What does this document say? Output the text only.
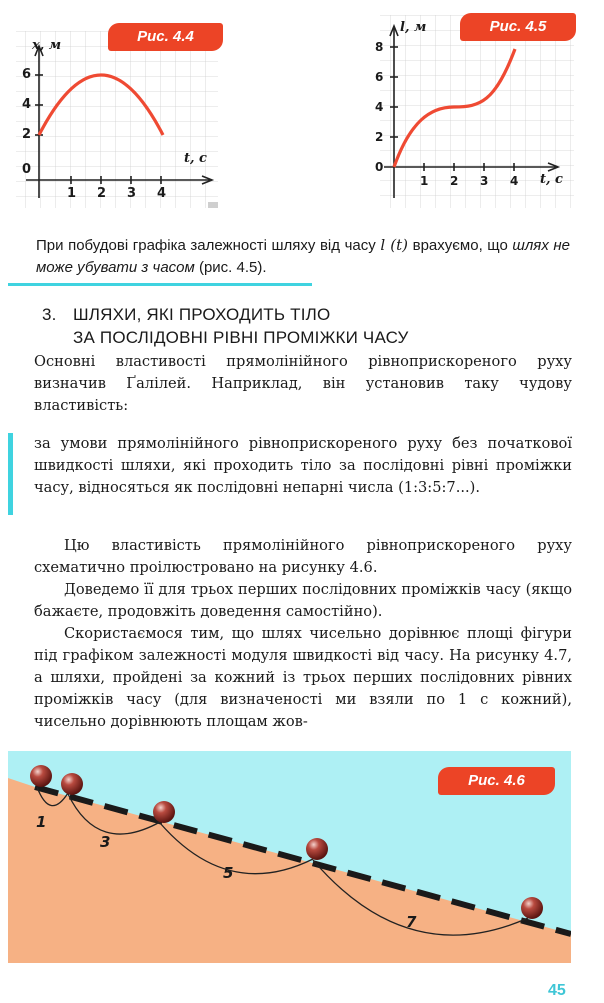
x, м
t, с
0
2
4
6
1 2 3 4
Рис. 4.4
l, м
t, с
0
2
4
6
8
1 2 3 4
Рис. 4.5
При побудові графіка залежності шляху від часу l (t) врахуємо, що шлях не може убувати з часом (рис. 4.5).
3. ШЛЯХИ, ЯКІ ПРОХОДИТЬ ТІЛО
ЗА ПОСЛІДОВНІ РІВНІ ПРОМІЖКИ ЧАСУ

Основні властивості прямолінійного рівноприскореного руху визначив Ґалілей. Наприклад, він установив таку чудову властивість:

за умови прямолінійного рівноприскореного руху без початкової швидкості шляхи, які проходить тіло за послідовні рівні проміжки часу, відносяться як послідовні непарні числа (1:3:5:7...).

Цю властивість прямолінійного рівноприскореного руху схематично проілюстровано на рисунку 4.6.

Доведемо її для трьох перших послідовних проміжків часу (якщо бажаєте, продовжіть доведення самостійно).

Скористаємося тим, що шлях чисельно дорівнює площі фігури під графіком залежності модуля швидкості від часу. На рисунку 4.7, а шляхи, пройдені за кожний із трьох перших послідовних рівних проміжків часу (для визначеності ми взяли по 1 с кожний), чисельно дорівнюють площам жов-

1
3
5
7
Рис. 4.6
45
